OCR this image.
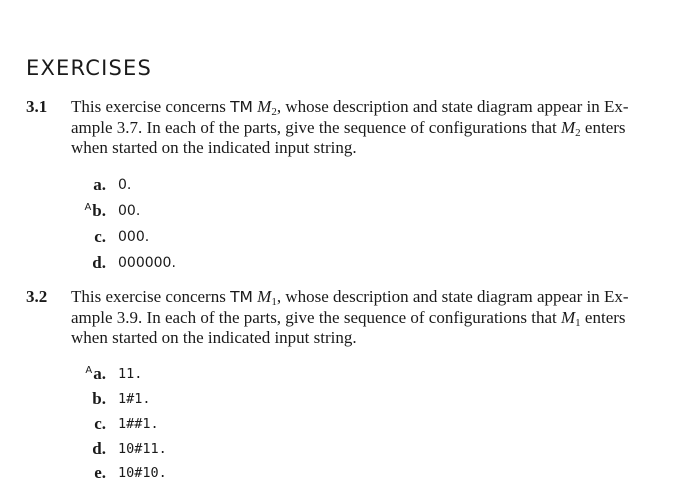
EXERCISES
3.1 This exercise concerns TM $M_2$, whose description and state diagram appear in Ex-
ample 3.7. In each of the parts, give the sequence of configurations that $M_2$ enters
when started on the indicated input string.
a. 0.
$^A$b. 00.
c. 000.
d. 000000.
3.2 This exercise concerns TM $M_1$, whose description and state diagram appear in Ex-
ample 3.9. In each of the parts, give the sequence of configurations that $M_1$ enters
when started on the indicated input string.
$^A$a. 11.
b. 1#1.
c. 1##1.
d. 10#11.
e. 10#10.
